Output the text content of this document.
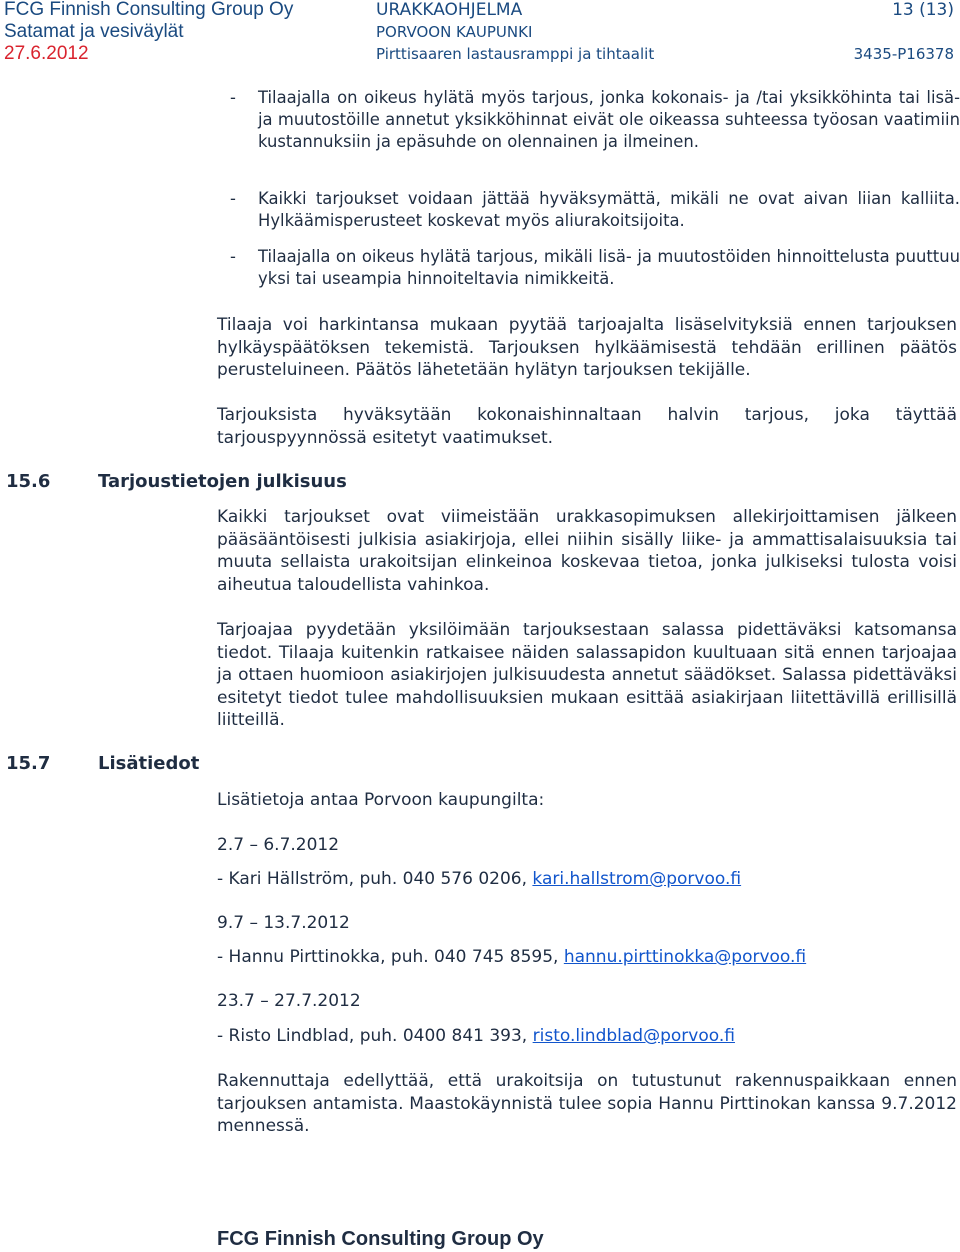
FCG Finnish Consulting Group Oy
Satamat ja vesiväylät
27.6.2012
URAKKAOHJELMA
PORVOON KAUPUNKI
Pirttisaaren lastausramppi ja tihtaalit
13 (13)
3435-P16378
- Tilaajalla on oikeus hylätä myös tarjous, jonka kokonais- ja /tai yksikköhinta tai lisä- ja muutostöille annetut yksikköhinnat eivät ole oikeassa suhteessa työosan vaatimiin kustannuksiin ja epäsuhde on olennainen ja ilmeinen.
- Kaikki tarjoukset voidaan jättää hyväksymättä, mikäli ne ovat aivan liian kalliita. Hylkäämisperusteet koskevat myös aliurakoitsijoita.
- Tilaajalla on oikeus hylätä tarjous, mikäli lisä- ja muutostöiden hinnoittelusta puuttuu yksi tai useampia hinnoiteltavia nimikkeitä.
Tilaaja voi harkintansa mukaan pyytää tarjoajalta lisäselvityksiä ennen tarjouksen hylkäyspäätöksen tekemistä. Tarjouksen hylkäämisestä tehdään erillinen päätös perusteluineen. Päätös lähetetään hylätyn tarjouksen tekijälle.
Tarjouksista hyväksytään kokonaishinnaltaan halvin tarjous, joka täyttää tarjouspyynnössä esitetyt vaatimukset.
15.6	Tarjoustietojen julkisuus
Kaikki tarjoukset ovat viimeistään urakkasopimuksen allekirjoittamisen jälkeen pääsääntöisesti julkisia asiakirjoja, ellei niihin sisälly liike- ja ammattisalaisuuksia tai muuta sellaista urakoitsijan elinkeinoa koskevaa tietoa, jonka julkiseksi tulosta voisi aiheutua taloudellista vahinkoa.
Tarjoajaa pyydetään yksilöimään tarjouksestaan salassa pidettäväksi katsomansa tiedot. Tilaaja kuitenkin ratkaisee näiden salassapidon kuultuaan sitä ennen tarjoajaa ja ottaen huomioon asiakirjojen julkisuudesta annetut säädökset. Salassa pidettäväksi esitetyt tiedot tulee mahdollisuuksien mukaan esittää asiakirjaan liitettävillä erillisillä liitteillä.
15.7	Lisätiedot
Lisätietoja antaa Porvoon kaupungilta:
2.7 – 6.7.2012
- Kari Hällström, puh. 040 576 0206, kari.hallstrom@porvoo.fi
9.7 – 13.7.2012
- Hannu Pirttinokka, puh. 040 745 8595, hannu.pirttinokka@porvoo.fi
23.7 – 27.7.2012
- Risto Lindblad, puh. 0400 841 393, risto.lindblad@porvoo.fi
Rakennuttaja edellyttää, että urakoitsija on tutustunut rakennuspaikkaan ennen tarjouksen antamista. Maastokäynnistä tulee sopia Hannu Pirttinokan kanssa 9.7.2012 mennessä.
FCG Finnish Consulting Group Oy
